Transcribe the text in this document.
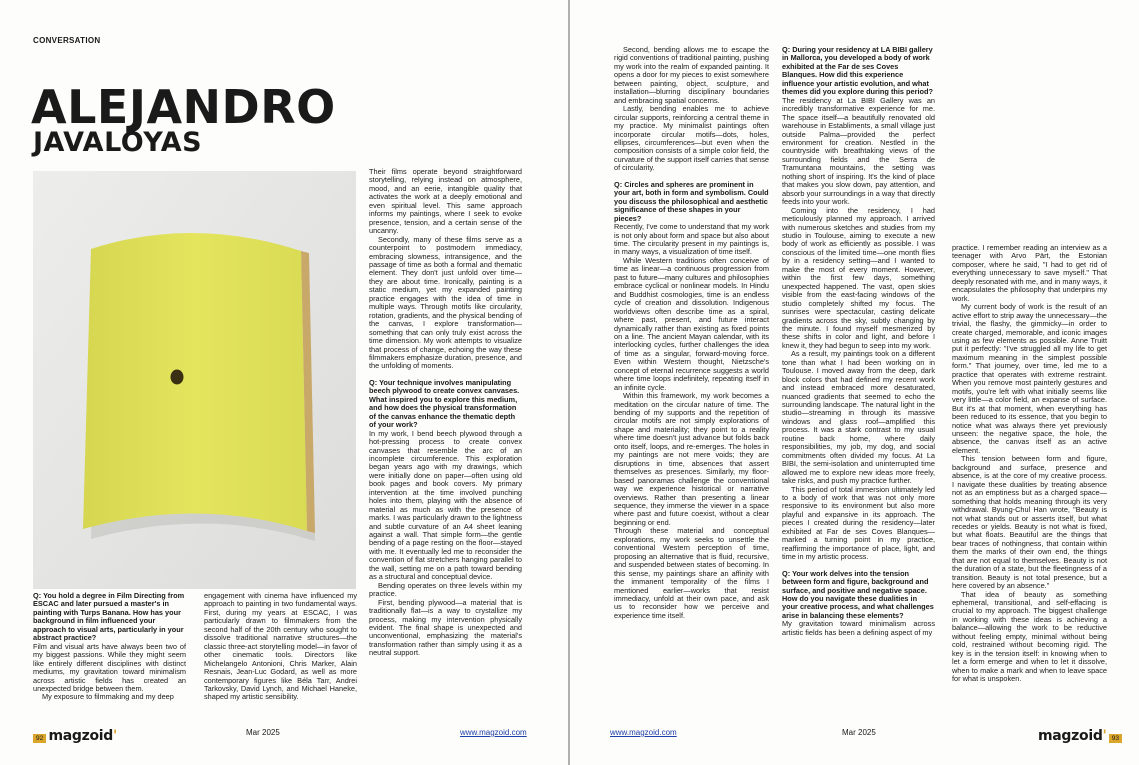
CONVERSATION
ALEJANDRO
JAVALOYAS

Q: You hold a degree in Film Directing from ESCAC and later pursued a master's in painting with Turps Banana. How has your background in film influenced your approach to visual arts, particularly in your abstract practice?

Film and visual arts have always been two of my biggest passions. While they might seem like entirely different disciplines with distinct mediums, my gravitation toward minimalism across artistic fields has created an unexpected bridge between them.

My exposure to filmmaking and my deep

engagement with cinema have influenced my approach to painting in two fundamental ways. First, during my years at ESCAC, I was particularly drawn to filmmakers from the second half of the 20th century who sought to dissolve traditional narrative structures—the classic three-act storytelling model—in favor of other cinematic tools. Directors like Michelangelo Antonioni, Chris Marker, Alain Resnais, Jean-Luc Godard, as well as more contemporary figures like Béla Tarr, Andrei Tarkovsky, David Lynch, and Michael Haneke, shaped my artistic sensibility.

Their films operate beyond straightforward storytelling, relying instead on atmosphere, mood, and an eerie, intangible quality that activates the work at a deeply emotional and even spiritual level. This same approach informs my paintings, where I seek to evoke presence, tension, and a certain sense of the uncanny.

Secondly, many of these films serve as a counterpoint to postmodern immediacy, embracing slowness, intransigence, and the passage of time as both a formal and thematic element. They don't just unfold over time—they are about time. Ironically, painting is a static medium, yet my expanded painting practice engages with the idea of time in multiple ways. Through motifs like circularity, rotation, gradients, and the physical bending of the canvas, I explore transformation—something that can only truly exist across the time dimension. My work attempts to visualize that process of change, echoing the way these filmmakers emphasize duration, presence, and the unfolding of moments.

Q: Your technique involves manipulating beech plywood to create convex canvases. What inspired you to explore this medium, and how does the physical transformation of the canvas enhance the thematic depth of your work?

In my work, I bend beech plywood through a hot-pressing process to create convex canvases that resemble the arc of an incomplete circumference. This exploration began years ago with my drawings, which were initially done on paper—often using old book pages and book covers. My primary intervention at the time involved punching holes into them, playing with the absence of material as much as with the presence of marks. I was particularly drawn to the lightness and subtle curvature of an A4 sheet leaning against a wall. That simple form—the gentle bending of a page resting on the floor—stayed with me. It eventually led me to reconsider the convention of flat stretchers hanging parallel to the wall, setting me on a path toward bending as a structural and conceptual device.

Bending operates on three levels within my practice.

First, bending plywood—a material that is traditionally flat—is a way to crystallize my process, making my intervention physically evident. The final shape is unexpected and unconventional, emphasizing the material's transformation rather than simply using it as a neutral support.

92 magzoid'	Mar 2025	www.magzoid.com

Second, bending allows me to escape the rigid conventions of traditional painting, pushing my work into the realm of expanded painting. It opens a door for my pieces to exist somewhere between painting, object, sculpture, and installation—blurring disciplinary boundaries and embracing spatial concerns.

Lastly, bending enables me to achieve circular supports, reinforcing a central theme in my practice. My minimalist paintings often incorporate circular motifs—dots, holes, ellipses, circumferences—but even when the composition consists of a simple color field, the curvature of the support itself carries that sense of circularity.

Q: Circles and spheres are prominent in your art, both in form and symbolism. Could you discuss the philosophical and aesthetic significance of these shapes in your pieces?

Recently, I've come to understand that my work is not only about form and space but also about time. The circularity present in my paintings is, in many ways, a visualization of time itself.

While Western traditions often conceive of time as linear—a continuous progression from past to future—many cultures and philosophies embrace cyclical or nonlinear models. In Hindu and Buddhist cosmologies, time is an endless cycle of creation and dissolution. Indigenous worldviews often describe time as a spiral, where past, present, and future interact dynamically rather than existing as fixed points on a line. The ancient Mayan calendar, with its interlocking cycles, further challenges the idea of time as a singular, forward-moving force. Even within Western thought, Nietzsche's concept of eternal recurrence suggests a world where time loops indefinitely, repeating itself in an infinite cycle.

Within this framework, my work becomes a meditation on the circular nature of time. The bending of my supports and the repetition of circular motifs are not simply explorations of shape and materiality; they point to a reality where time doesn't just advance but folds back onto itself, loops, and re-emerges. The holes in my paintings are not mere voids; they are disruptions in time, absences that assert themselves as presences. Similarly, my floor-based panoramas challenge the conventional way we experience historical or narrative overviews. Rather than presenting a linear sequence, they immerse the viewer in a space where past and future coexist, without a clear beginning or end.

Through these material and conceptual explorations, my work seeks to unsettle the conventional Western perception of time, proposing an alternative that is fluid, recursive, and suspended between states of becoming. In this sense, my paintings share an affinity with the immanent temporality of the films I mentioned earlier—works that resist immediacy, unfold at their own pace, and ask us to reconsider how we perceive and experience time itself.

Q: During your residency at LA BIBI gallery in Mallorca, you developed a body of work exhibited at the Far de ses Coves Blanques. How did this experience influence your artistic evolution, and what themes did you explore during this period?

The residency at La BIBI Gallery was an incredibly transformative experience for me. The space itself—a beautifully renovated old warehouse in Establiments, a small village just outside Palma—provided the perfect environment for creation. Nestled in the countryside with breathtaking views of the surrounding fields and the Serra de Tramuntana mountains, the setting was nothing short of inspiring. It's the kind of place that makes you slow down, pay attention, and absorb your surroundings in a way that directly feeds into your work.

Coming into the residency, I had meticulously planned my approach. I arrived with numerous sketches and studies from my studio in Toulouse, aiming to execute a new body of work as efficiently as possible. I was conscious of the limited time—one month flies by in a residency setting—and I wanted to make the most of every moment. However, within the first few days, something unexpected happened. The vast, open skies visible from the east-facing windows of the studio completely shifted my focus. The sunrises were spectacular, casting delicate gradients across the sky, subtly changing by the minute. I found myself mesmerized by these shifts in color and light, and before I knew it, they had begun to seep into my work.

As a result, my paintings took on a different tone than what I had been working on in Toulouse. I moved away from the deep, dark block colors that had defined my recent work and instead embraced more desaturated, nuanced gradients that seemed to echo the surrounding landscape. The natural light in the studio—streaming in through its massive windows and glass roof—amplified this process. It was a stark contrast to my usual routine back home, where daily responsibilities, my job, my dog, and social commitments often divided my focus. At La BIBI, the semi-isolation and uninterrupted time allowed me to explore new ideas more freely, take risks, and push my practice further.

This period of total immersion ultimately led to a body of work that was not only more responsive to its environment but also more playful and expansive in its approach. The pieces I created during the residency—later exhibited at Far de ses Coves Blanques—marked a turning point in my practice, reaffirming the importance of place, light, and time in my artistic process.

Q: Your work delves into the tension between form and figure, background and surface, and positive and negative space. How do you navigate these dualities in your creative process, and what challenges arise in balancing these elements?

My gravitation toward minimalism across artistic fields has been a defining aspect of my

practice. I remember reading an interview as a teenager with Arvo Pärt, the Estonian composer, where he said, "I had to get rid of everything unnecessary to save myself." That deeply resonated with me, and in many ways, it encapsulates the philosophy that underpins my work.

My current body of work is the result of an active effort to strip away the unnecessary—the trivial, the flashy, the gimmicky—in order to create charged, memorable, and iconic images using as few elements as possible. Anne Truitt put it perfectly: "I've struggled all my life to get maximum meaning in the simplest possible form." That journey, over time, led me to a practice that operates with extreme restraint. When you remove most painterly gestures and motifs, you're left with what initially seems like very little—a color field, an expanse of surface. But it's at that moment, when everything has been reduced to its essence, that you begin to notice what was always there yet previously unseen: the negative space, the hole, the absence, the canvas itself as an active element.

This tension between form and figure, background and surface, presence and absence, is at the core of my creative process. I navigate these dualities by treating absence not as an emptiness but as a charged space—something that holds meaning through its very withdrawal. Byung-Chul Han wrote, "Beauty is not what stands out or asserts itself, but what recedes or yields. Beauty is not what is fixed, but what floats. Beautiful are the things that bear traces of nothingness, that contain within them the marks of their own end, the things that are not equal to themselves. Beauty is not the duration of a state, but the fleetingness of a transition. Beauty is not total presence, but a here covered by an absence."

That idea of beauty as something ephemeral, transitional, and self-effacing is crucial to my approach. The biggest challenge in working with these ideas is achieving a balance—allowing the work to be reductive without feeling empty, minimal without being cold, restrained without becoming rigid. The key is in the tension itself: in knowing when to let a form emerge and when to let it dissolve, when to make a mark and when to leave space for what is unspoken.

www.magzoid.com	Mar 2025	magzoid' 93
